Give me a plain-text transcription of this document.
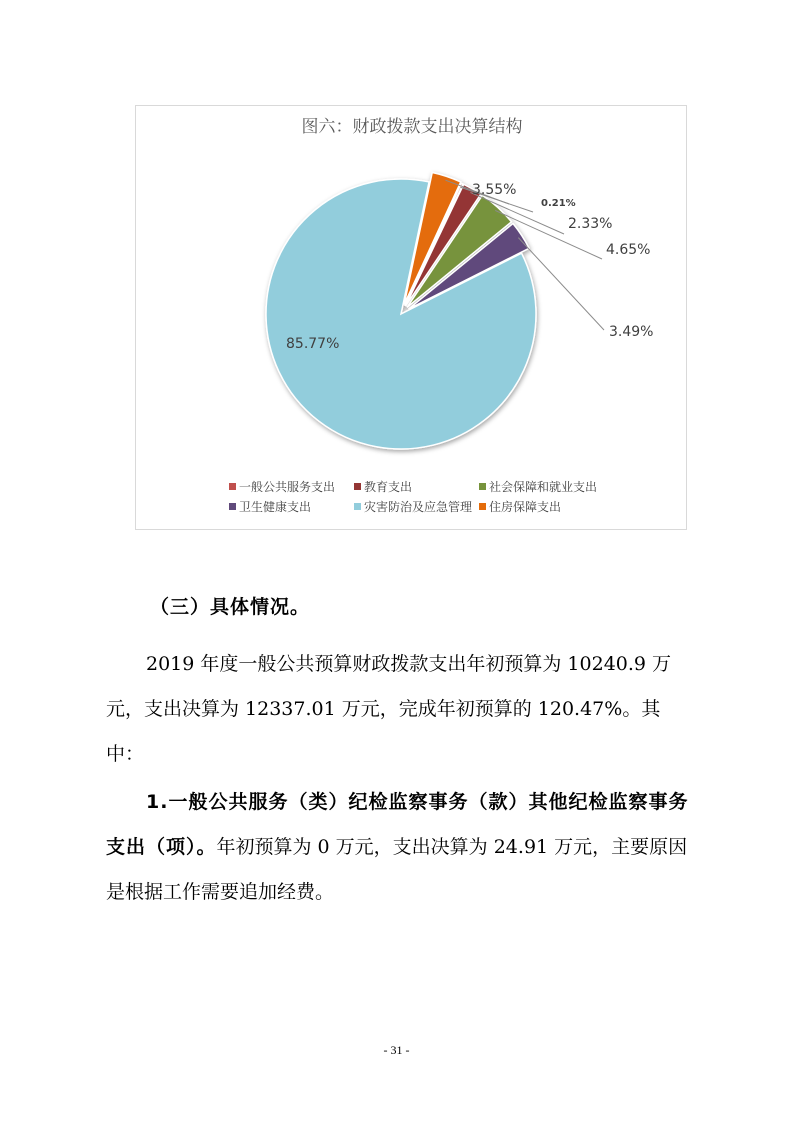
图六：财政拨款支出决算结构
0.21%
2.33%
4.65%
3.49%
85.77%
3.55%
一般公共服务支出 教育支出	社会保障和就业支出
卫生健康支出	灾害防治及应急管理 住房保障支出
（三）具体情况。
2019 年度一般公共预算财政拨款支出年初预算为 10240.9 万元，支出决算为 12337.01 万元，完成年初预算的 120.47%。其中：
1.一般公共服务（类）纪检监察事务（款）其他纪检监察事务支出（项）。年初预算为 0 万元，支出决算为 24.91 万元，主要原因是根据工作需要追加经费。
- 31 -
